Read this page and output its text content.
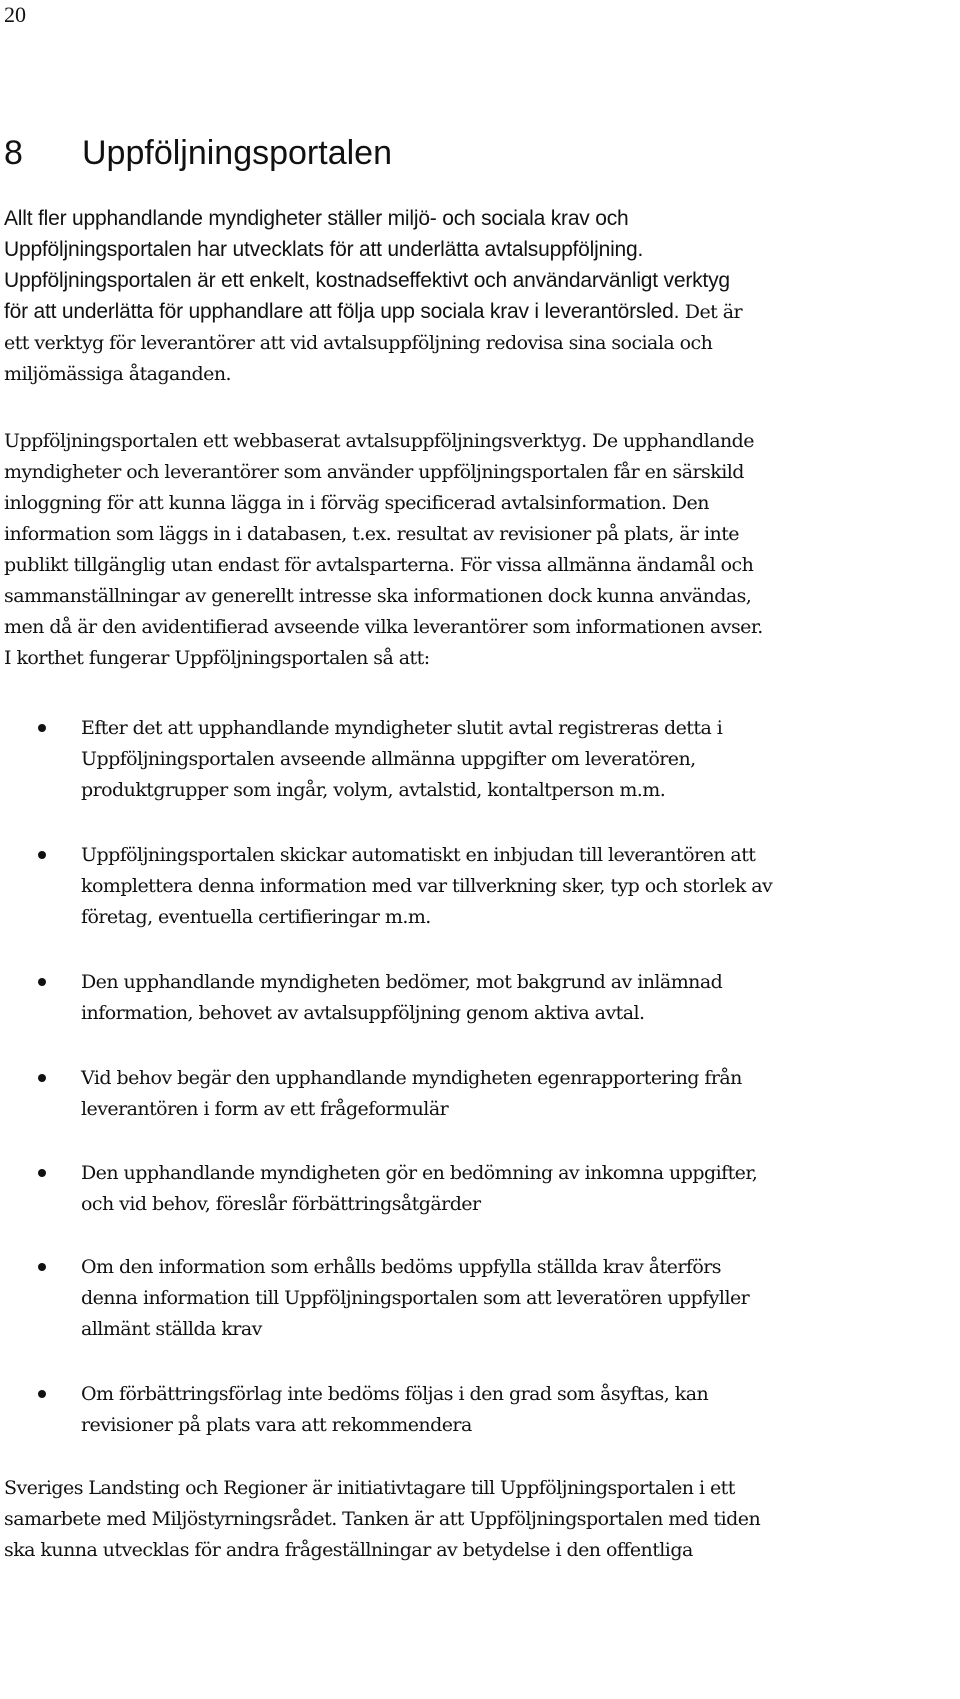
20
8 Uppföljningsportalen
Allt fler upphandlande myndigheter ställer miljö- och sociala krav och
Uppföljningsportalen har utvecklats för att underlätta avtalsuppföljning.
Uppföljningsportalen är ett enkelt, kostnadseffektivt och användarvänligt verktyg
för att underlätta för upphandlare att följa upp sociala krav i leverantörsled. Det är
ett verktyg för leverantörer att vid avtalsuppföljning redovisa sina sociala och
miljömässiga åtaganden.
Uppföljningsportalen ett webbaserat avtalsuppföljningsverktyg. De upphandlande
myndigheter och leverantörer som använder uppföljningsportalen får en särskild
inloggning för att kunna lägga in i förväg specificerad avtalsinformation. Den
information som läggs in i databasen, t.ex. resultat av revisioner på plats, är inte
publikt tillgänglig utan endast för avtalsparterna. För vissa allmänna ändamål och
sammanställningar av generellt intresse ska informationen dock kunna användas,
men då är den avidentifierad avseende vilka leverantörer som informationen avser.
I korthet fungerar Uppföljningsportalen så att:
Efter det att upphandlande myndigheter slutit avtal registreras detta i
Uppföljningsportalen avseende allmänna uppgifter om leveratören,
produktgrupper som ingår, volym, avtalstid, kontaltperson m.m.
Uppföljningsportalen skickar automatiskt en inbjudan till leverantören att
komplettera denna information med var tillverkning sker, typ och storlek av
företag, eventuella certifieringar m.m.
Den upphandlande myndigheten bedömer, mot bakgrund av inlämnad
information, behovet av avtalsuppföljning genom aktiva avtal.
Vid behov begär den upphandlande myndigheten egenrapportering från
leverantören i form av ett frågeformulär
Den upphandlande myndigheten gör en bedömning av inkomna uppgifter,
och vid behov, föreslår förbättringsåtgärder
Om den information som erhålls bedöms uppfylla ställda krav återförs
denna information till Uppföljningsportalen som att leveratören uppfyller
allmänt ställda krav
Om förbättringsförlag inte bedöms följas i den grad som åsyftas, kan
revisioner på plats vara att rekommendera
Sveriges Landsting och Regioner är initiativtagare till Uppföljningsportalen i ett
samarbete med Miljöstyrningsrådet. Tanken är att Uppföljningsportalen med tiden
ska kunna utvecklas för andra frågeställningar av betydelse i den offentliga
